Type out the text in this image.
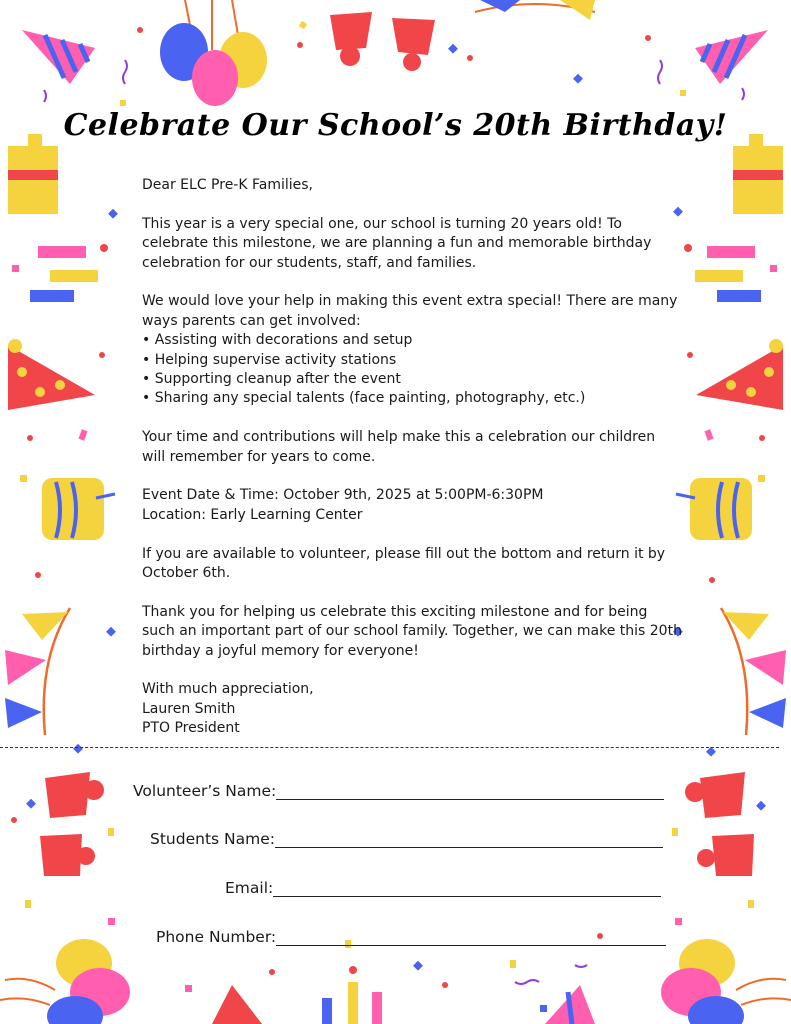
Celebrate Our School’s 20th Birthday!

Dear ELC Pre-K Families,

This year is a very special one, our school is turning 20 years old! To celebrate this milestone, we are planning a fun and memorable birthday celebration for our students, staff, and families.

We would love your help in making this event extra special! There are many ways parents can get involved:
• Assisting with decorations and setup
• Helping supervise activity stations
• Supporting cleanup after the event
• Sharing any special talents (face painting, photography, etc.)

Your time and contributions will help make this a celebration our children will remember for years to come.

Event Date & Time: October 9th, 2025 at 5:00PM-6:30PM
Location: Early Learning Center

If you are available to volunteer, please fill out the bottom and return it by October 6th.

Thank you for helping us celebrate this exciting milestone and for being such an important part of our school family. Together, we can make this 20th birthday a joyful memory for everyone!

With much appreciation,
Lauren Smith
PTO President
Volunteer’s Name:
Students Name:
Email:
Phone Number:
